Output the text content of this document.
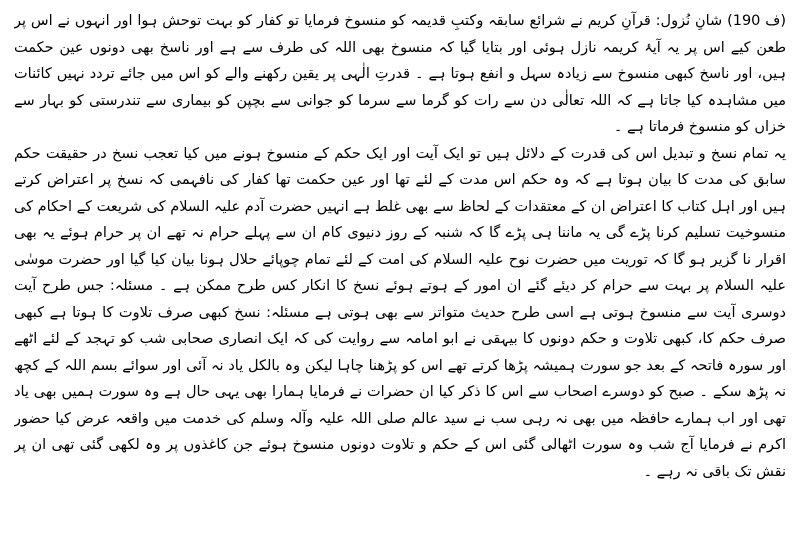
(ف 190) شانِ نُزول: قرآنِ کریم نے شرائع سابقہ وکتبِ قدیمہ کو منسوخ فرمایا تو کفار کو بہت توحش ہوا اور انہوں نے اس پر طعن کیے اس پر یہ آیۂ کریمہ نازل ہوئی اور بتایا گیا کہ منسوخ بھی اللہ کی طرف سے ہے اور ناسخ بھی دونوں عین حکمت ہیں، اور ناسخ کبھی منسوخ سے زیادہ سہل و انفع ہوتا ہے ۔ قدرتِ الٰہی پر یقین رکھنے والے کو اس میں جائے تردد نہیں کائنات میں مشاہدہ کیا جاتا ہے کہ اللہ تعالٰی دن سے رات کو گرما سے سرما کو جوانی سے بچپن کو بیماری سے تندرستی کو بہار سے خزاں کو منسوخ فرماتا ہے ۔

یہ تمام نسخ و تبدیل اس کی قدرت کے دلائل ہیں تو ایک آیت اور ایک حکم کے منسوخ ہونے میں کیا تعجب نسخ در حقیقت حکم سابق کی مدت کا بیان ہوتا ہے کہ وہ حکم اس مدت کے لئے تھا اور عین حکمت تھا کفار کی نافہمی کہ نسخ پر اعتراض کرتے ہیں اور اہل کتاب کا اعتراض ان کے معتقدات کے لحاظ سے بھی غلط ہے انہیں حضرت آدم علیہ السلام کی شریعت کے احکام کی منسوخیت تسلیم کرنا پڑے گی یہ ماننا ہی پڑے گا کہ شنبہ کے روز دنیوی کام ان سے پہلے حرام نہ تھے ان پر حرام ہوئے یہ بھی اقرار نا گزیر ہو گا کہ توریت میں حضرت نوح علیہ السلام کی امت کے لئے تمام چوپائے حلال ہونا بیان کیا گیا اور حضرت موسٰی علیہ السلام پر بہت سے حرام کر دیئے گئے ان امور کے ہوتے ہوئے نسخ کا انکار کس طرح ممکن ہے ۔ مسئلہ: جس طرح آیت دوسری آیت سے منسوخ ہوتی ہے اسی طرح حدیث متواتر سے بھی ہوتی ہے مسئلہ: نسخ کبھی صرف تلاوت کا ہوتا ہے کبھی صرف حکم کا، کبھی تلاوت و حکم دونوں کا بیہقی نے ابو امامہ سے روایت کی کہ ایک انصاری صحابی شب کو تہجد کے لئے اٹھے اور سورہ فاتحہ کے بعد جو سورت ہمیشہ پڑھا کرتے تھے اس کو پڑھنا چاہا لیکن وہ بالکل یاد نہ آئی اور سوائے بسم اللہ کے کچھ نہ پڑھ سکے ۔ صبح کو دوسرے اصحاب سے اس کا ذکر کیا ان حضرات نے فرمایا ہمارا بھی یہی حال ہے وہ سورت ہمیں بھی یاد تھی اور اب ہمارے حافظہ میں بھی نہ رہی سب نے سید عالم صلی اللہ علیہ وآلہ وسلم کی خدمت میں واقعہ عرض کیا حضور اکرم نے فرمایا آج شب وہ سورت اٹھالی گئی اس کے حکم و تلاوت دونوں منسوخ ہوئے جن کاغذوں پر وہ لکھی گئی تھی ان پر نقش تک باقی نہ رہے ۔
